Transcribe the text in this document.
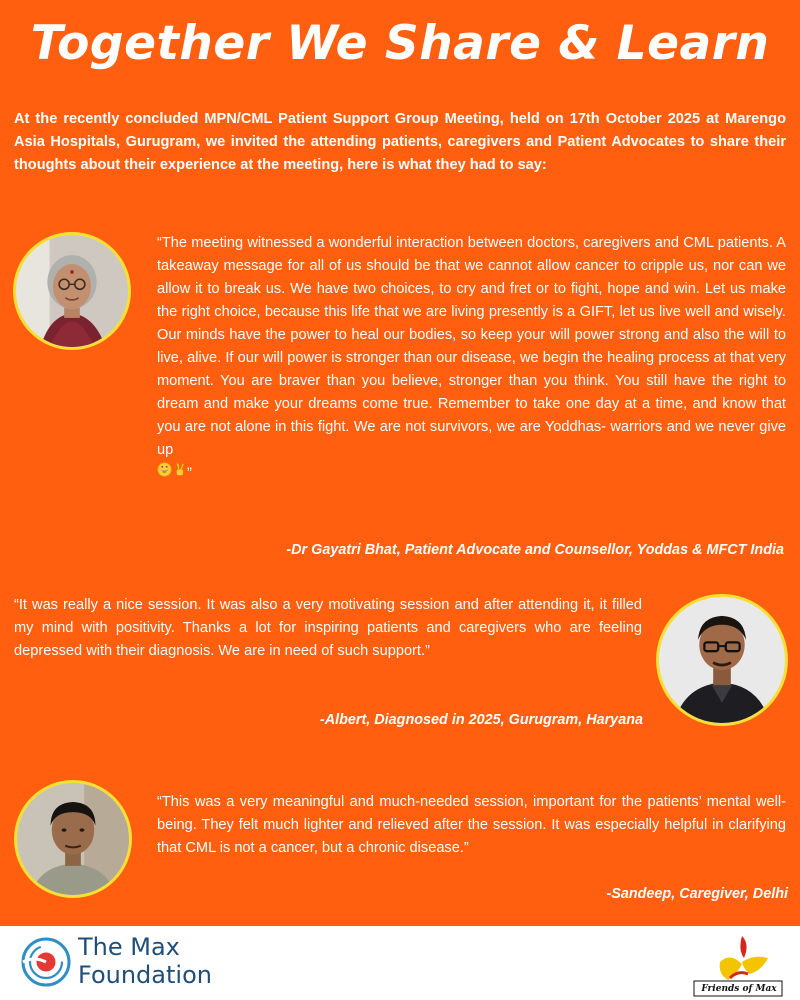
Together We Share & Learn

At the recently concluded MPN/CML Patient Support Group Meeting, held on 17th October 2025 at Marengo Asia Hospitals, Gurugram, we invited the attending patients, caregivers and Patient Advocates to share their thoughts about their experience at the meeting, here is what they had to say:

“The meeting witnessed a wonderful interaction between doctors, caregivers and CML patients. A takeaway message for all of us should be that we cannot allow cancer to cripple us, nor can we allow it to break us. We have two choices, to cry and fret or to fight, hope and win. Let us make the right choice, because this life that we are living presently is a GIFT, let us live well and wisely. Our minds have the power to heal our bodies, so keep your will power strong and also the will to live, alive. If our will power is stronger than our disease, we begin the healing process at that very moment. You are braver than you believe, stronger than you think. You still have the right to dream and make your dreams come true. Remember to take one day at a time, and know that you are not alone in this fight. We are not survivors, we are Yoddhas- warriors and we never give up
”

-Dr Gayatri Bhat, Patient Advocate and Counsellor, Yoddas & MFCT India

“It was really a nice session. It was also a very motivating session and after attending it, it filled my mind with positivity. Thanks a lot for inspiring patients and caregivers who are feeling depressed with their diagnosis. We are in need of such support.”

-Albert, Diagnosed in 2025, Gurugram, Haryana

“This was a very meaningful and much-needed session, important for the patients’ mental well-being. They felt much lighter and relieved after the session. It was especially helpful in clarifying that CML is not a cancer, but a chronic disease.”

-Sandeep, Caregiver, Delhi

The Max
Foundation	Friends of Max
